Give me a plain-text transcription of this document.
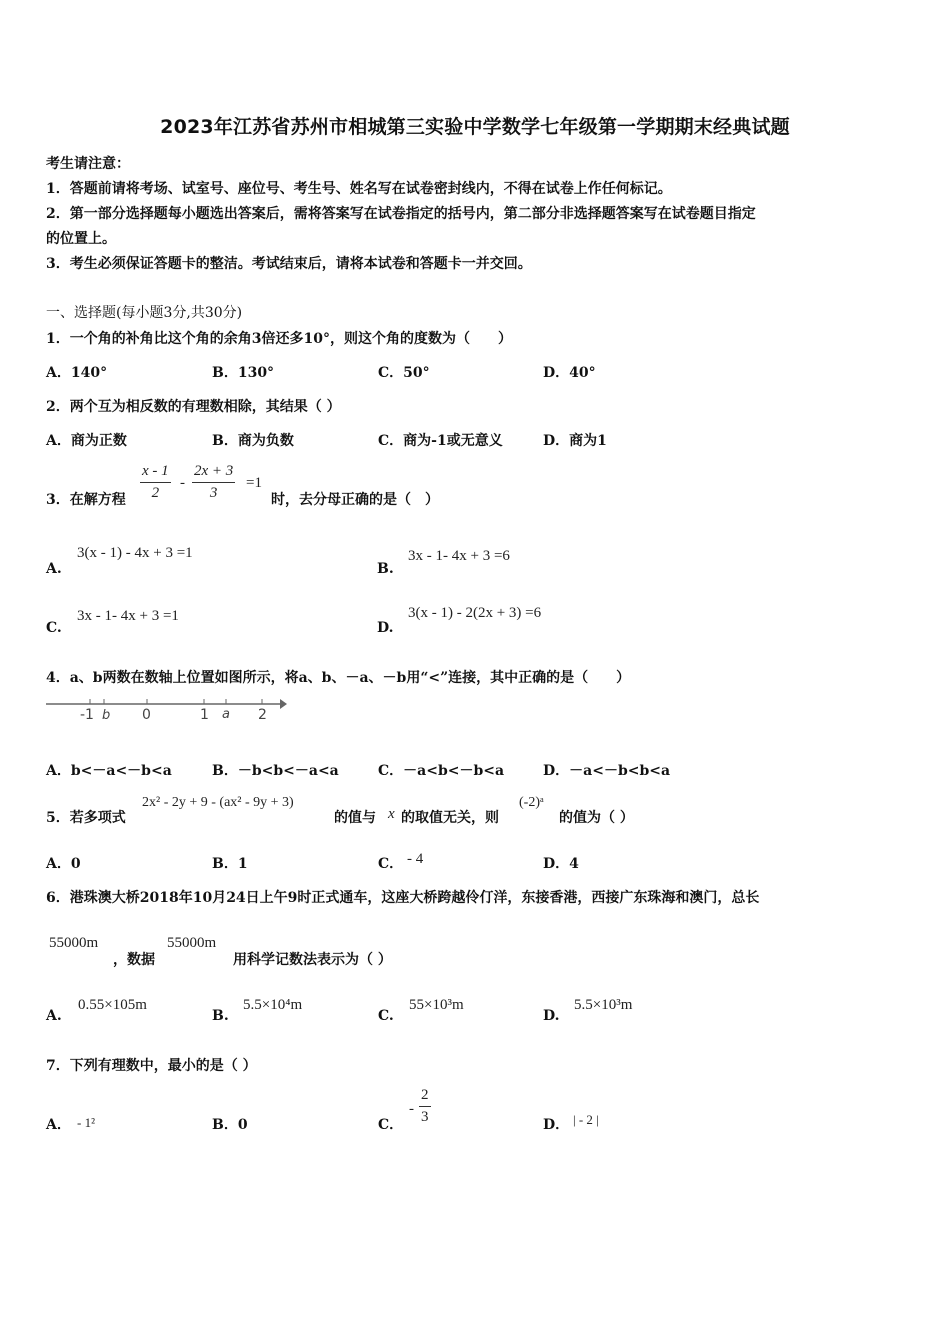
2023年江苏省苏州市相城第三实验中学数学七年级第一学期期末经典试题
考生请注意：
1．答题前请将考场、试室号、座位号、考生号、姓名写在试卷密封线内，不得在试卷上作任何标记。
2．第一部分选择题每小题选出答案后，需将答案写在试卷指定的括号内，第二部分非选择题答案写在试卷题目指定
的位置上。
3．考生必须保证答题卡的整洁。考试结束后，请将本试卷和答题卡一并交回。
一、选择题(每小题3分,共30分)
1．一个角的补角比这个角的余角3倍还多10°，则这个角的度数为（　　）
A．140°	B．130°	C．50°	D．40°
2．两个互为相反数的有理数相除，其结果（ ）
A．商为正数	B．商为负数	C．商为-1或无意义	D．商为1
3．在解方程 $\frac{x - 1}{2} - \frac{2x + 3}{3} =1$
时，去分母正确的是（　）
A.
3(x - 1) - 4x + 3 =1
B.
3x - 1- 4x + 3 =6
C.
3x - 1- 4x + 3 =1
D.
3(x - 1) - 2(2x + 3) =6
4．a、b两数在数轴上位置如图所示，将a、b、－a、－b用“<”连接，其中正确的是（　　）
-1 b 0	1 a 2
A．b<－a<－b<a	B．－b<b<－a<a	C．－a<b<－b<a	D．－a<－b<b<a
5．若多项式
2x² - 2y + 9 - (ax² - 9y + 3)
的值与 x 的取值无关，则
(-2)ᵃ
的值为（ ）
A．0	B．1	C． - 4	D．4
6．港珠澳大桥2018年10月24日上午9时正式通车，这座大桥跨越伶仃洋，东接香港，西接广东珠海和澳门，总长
55000m
，数据
55000m
用科学记数法表示为（ ）
A.
0.55×105m
B.
5.5×10⁴m
C.
55×10³m
D.
5.5×10³m
7．下列有理数中，最小的是（ ）
A． - 1²	B．0	C．
- $\frac{2}{3}$	D． | - 2 |
